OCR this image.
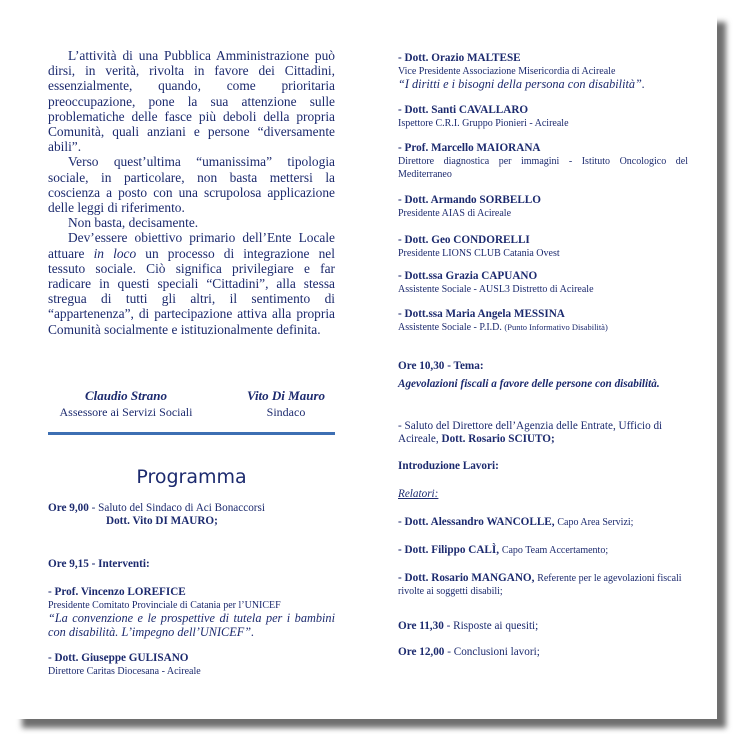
L’attività di una Pubblica Amministrazione può dirsi, in verità, rivolta in favore dei Cittadini, essenzialmente, quando, come prioritaria preoccupazione, pone la sua attenzione sulle problematiche delle fasce più deboli della propria Comunità, quali anziani e persone “diversamente abili”.

Verso quest’ultima “umanissima” tipologia sociale, in particolare, non basta mettersi la coscienza a posto con una scrupolosa applicazione delle leggi di riferimento.

Non basta, decisamente.

Dev’essere obiettivo primario dell’Ente Locale attuare in loco un processo di integrazione nel tessuto sociale. Ciò significa privilegiare e far radicare in questi speciali “Cittadini”, alla stessa stregua di tutti gli altri, il sentimento di “appartenenza”, di partecipazione attiva alla propria Comunità socialmente e istituzionalmente definita.

Claudio Strano
Assessore ai Servizi Sociali
Vito Di Mauro
Sindaco
Programma
Ore 9,00 - Saluto del Sindaco di Aci Bonaccorsi
Dott. Vito DI MAURO;
Ore 9,15 - Interventi:
- Prof. Vincenzo LOREFICE
Presidente Comitato Provinciale di Catania per l’UNICEF
“La convenzione e le prospettive di tutela per i bambini con disabilità. L’impegno dell’UNICEF”.
- Dott. Giuseppe GULISANO
Direttore Caritas Diocesana - Acireale
- Dott. Orazio MALTESE
Vice Presidente Associazione Misericordia di Acireale
“I diritti e i bisogni della persona con disabilità”.
- Dott. Santi CAVALLARO
Ispettore C.R.I. Gruppo Pionieri - Acireale
- Prof. Marcello MAIORANA
Direttore diagnostica per immagini - Istituto Oncologico del Mediterraneo
- Dott. Armando SORBELLO
Presidente AIAS di Acireale
- Dott. Geo CONDORELLI
Presidente LIONS CLUB Catania Ovest
- Dott.ssa Grazia CAPUANO
Assistente Sociale - AUSL3 Distretto di Acireale
- Dott.ssa Maria Angela MESSINA
Assistente Sociale - P.I.D. (Punto Informativo Disabilità)
Ore 10,30 - Tema:
Agevolazioni fiscali a favore delle persone con disabilità.
- Saluto del Direttore dell’Agenzia delle Entrate, Ufficio di Acireale, Dott. Rosario SCIUTO;
Introduzione Lavori:
Relatori:
- Dott. Alessandro WANCOLLE, Capo Area Servizi;
- Dott. Filippo CALÌ, Capo Team Accertamento;
- Dott. Rosario MANGANO, Referente per le agevolazioni fiscali rivolte ai soggetti disabili;
Ore 11,30 - Risposte ai quesiti;
Ore 12,00 - Conclusioni lavori;
